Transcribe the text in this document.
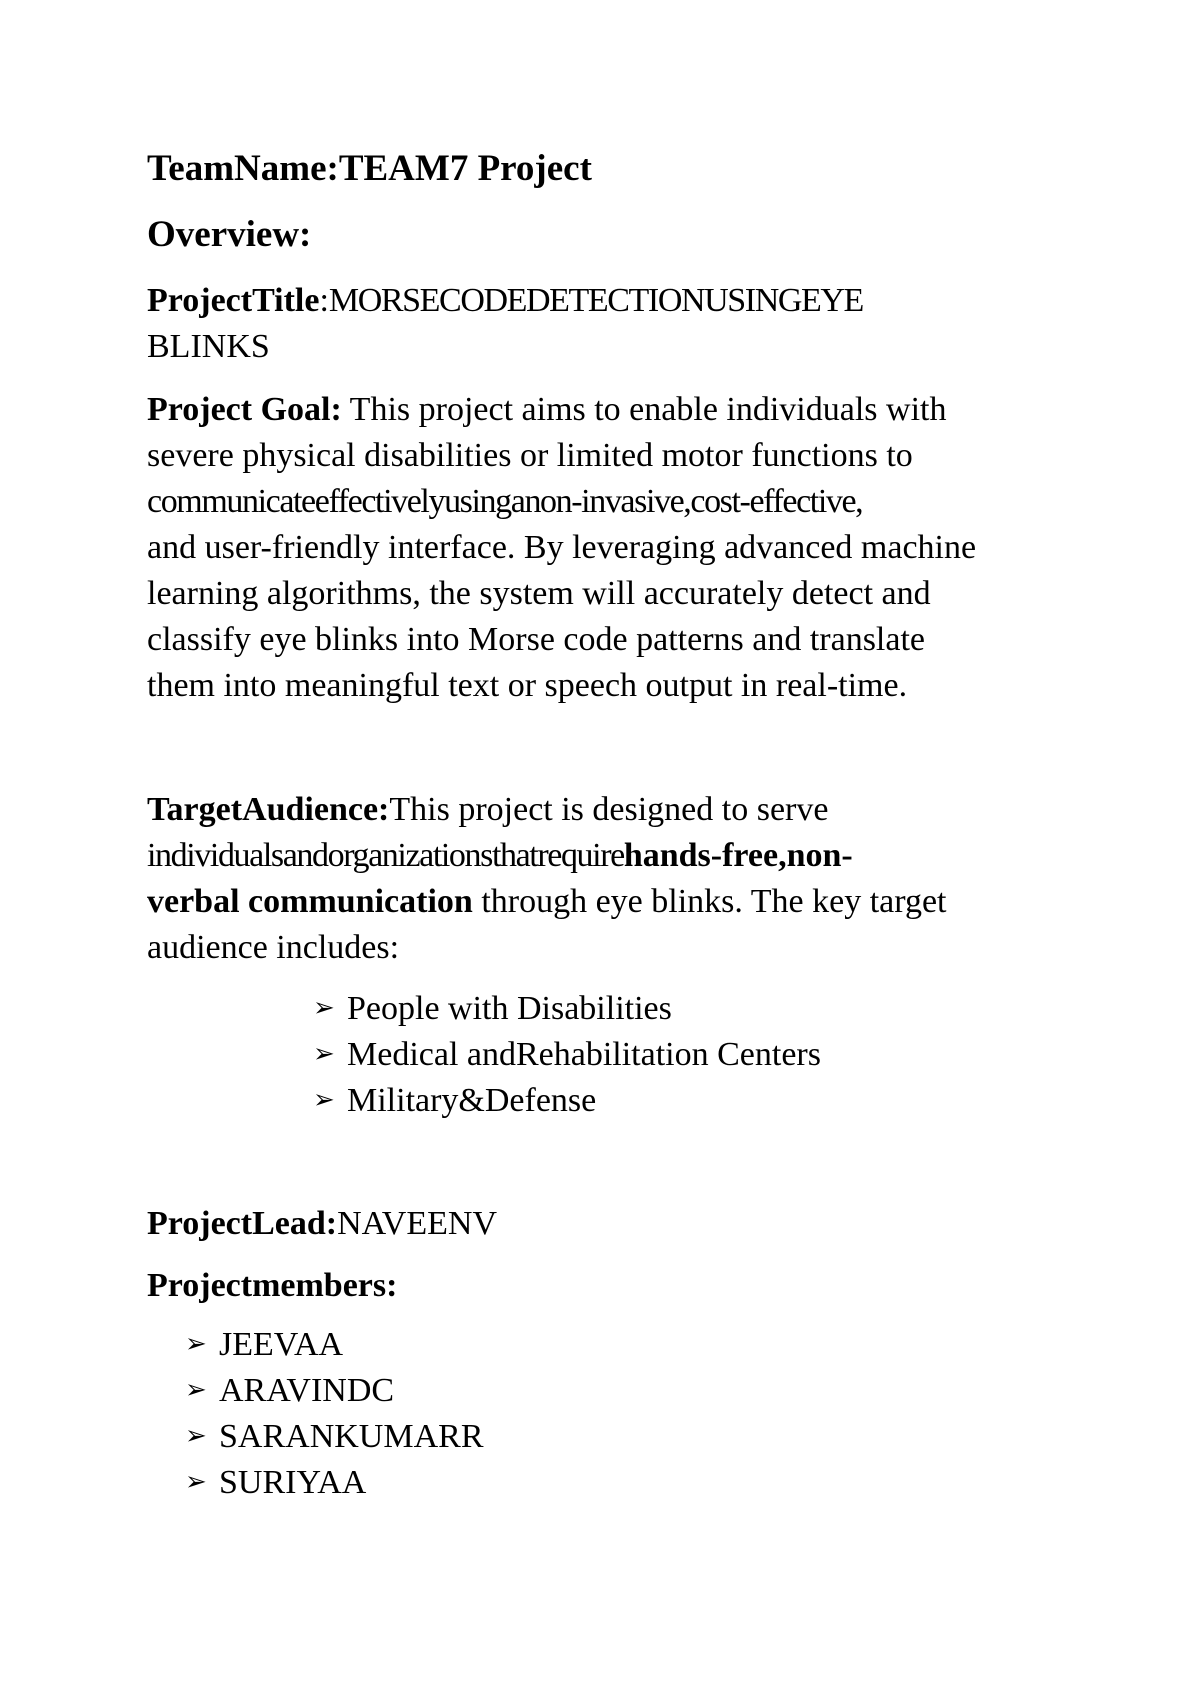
TeamName:TEAM7 Project
Overview:
ProjectTitle:MORSECODEDETECTIONUSINGEYE
BLINKS
Project Goal: This project aims to enable individuals with
severe physical disabilities or limited motor functions to
communicateeffectivelyusinganon-invasive,cost-effective,
and user-friendly interface. By leveraging advanced machine
learning algorithms, the system will accurately detect and
classify eye blinks into Morse code patterns and translate
them into meaningful text or speech output in real-time.
TargetAudience:This project is designed to serve
individualsandorganizationsthatrequirehands-free,non-
verbal communication through eye blinks. The key target
audience includes:
➢ People with Disabilities
➢ Medical andRehabilitation Centers
➢ Military&Defense
ProjectLead:NAVEENV
Projectmembers:
➢ JEEVAA
➢ ARAVINDC
➢ SARANKUMARR
➢ SURIYAA
